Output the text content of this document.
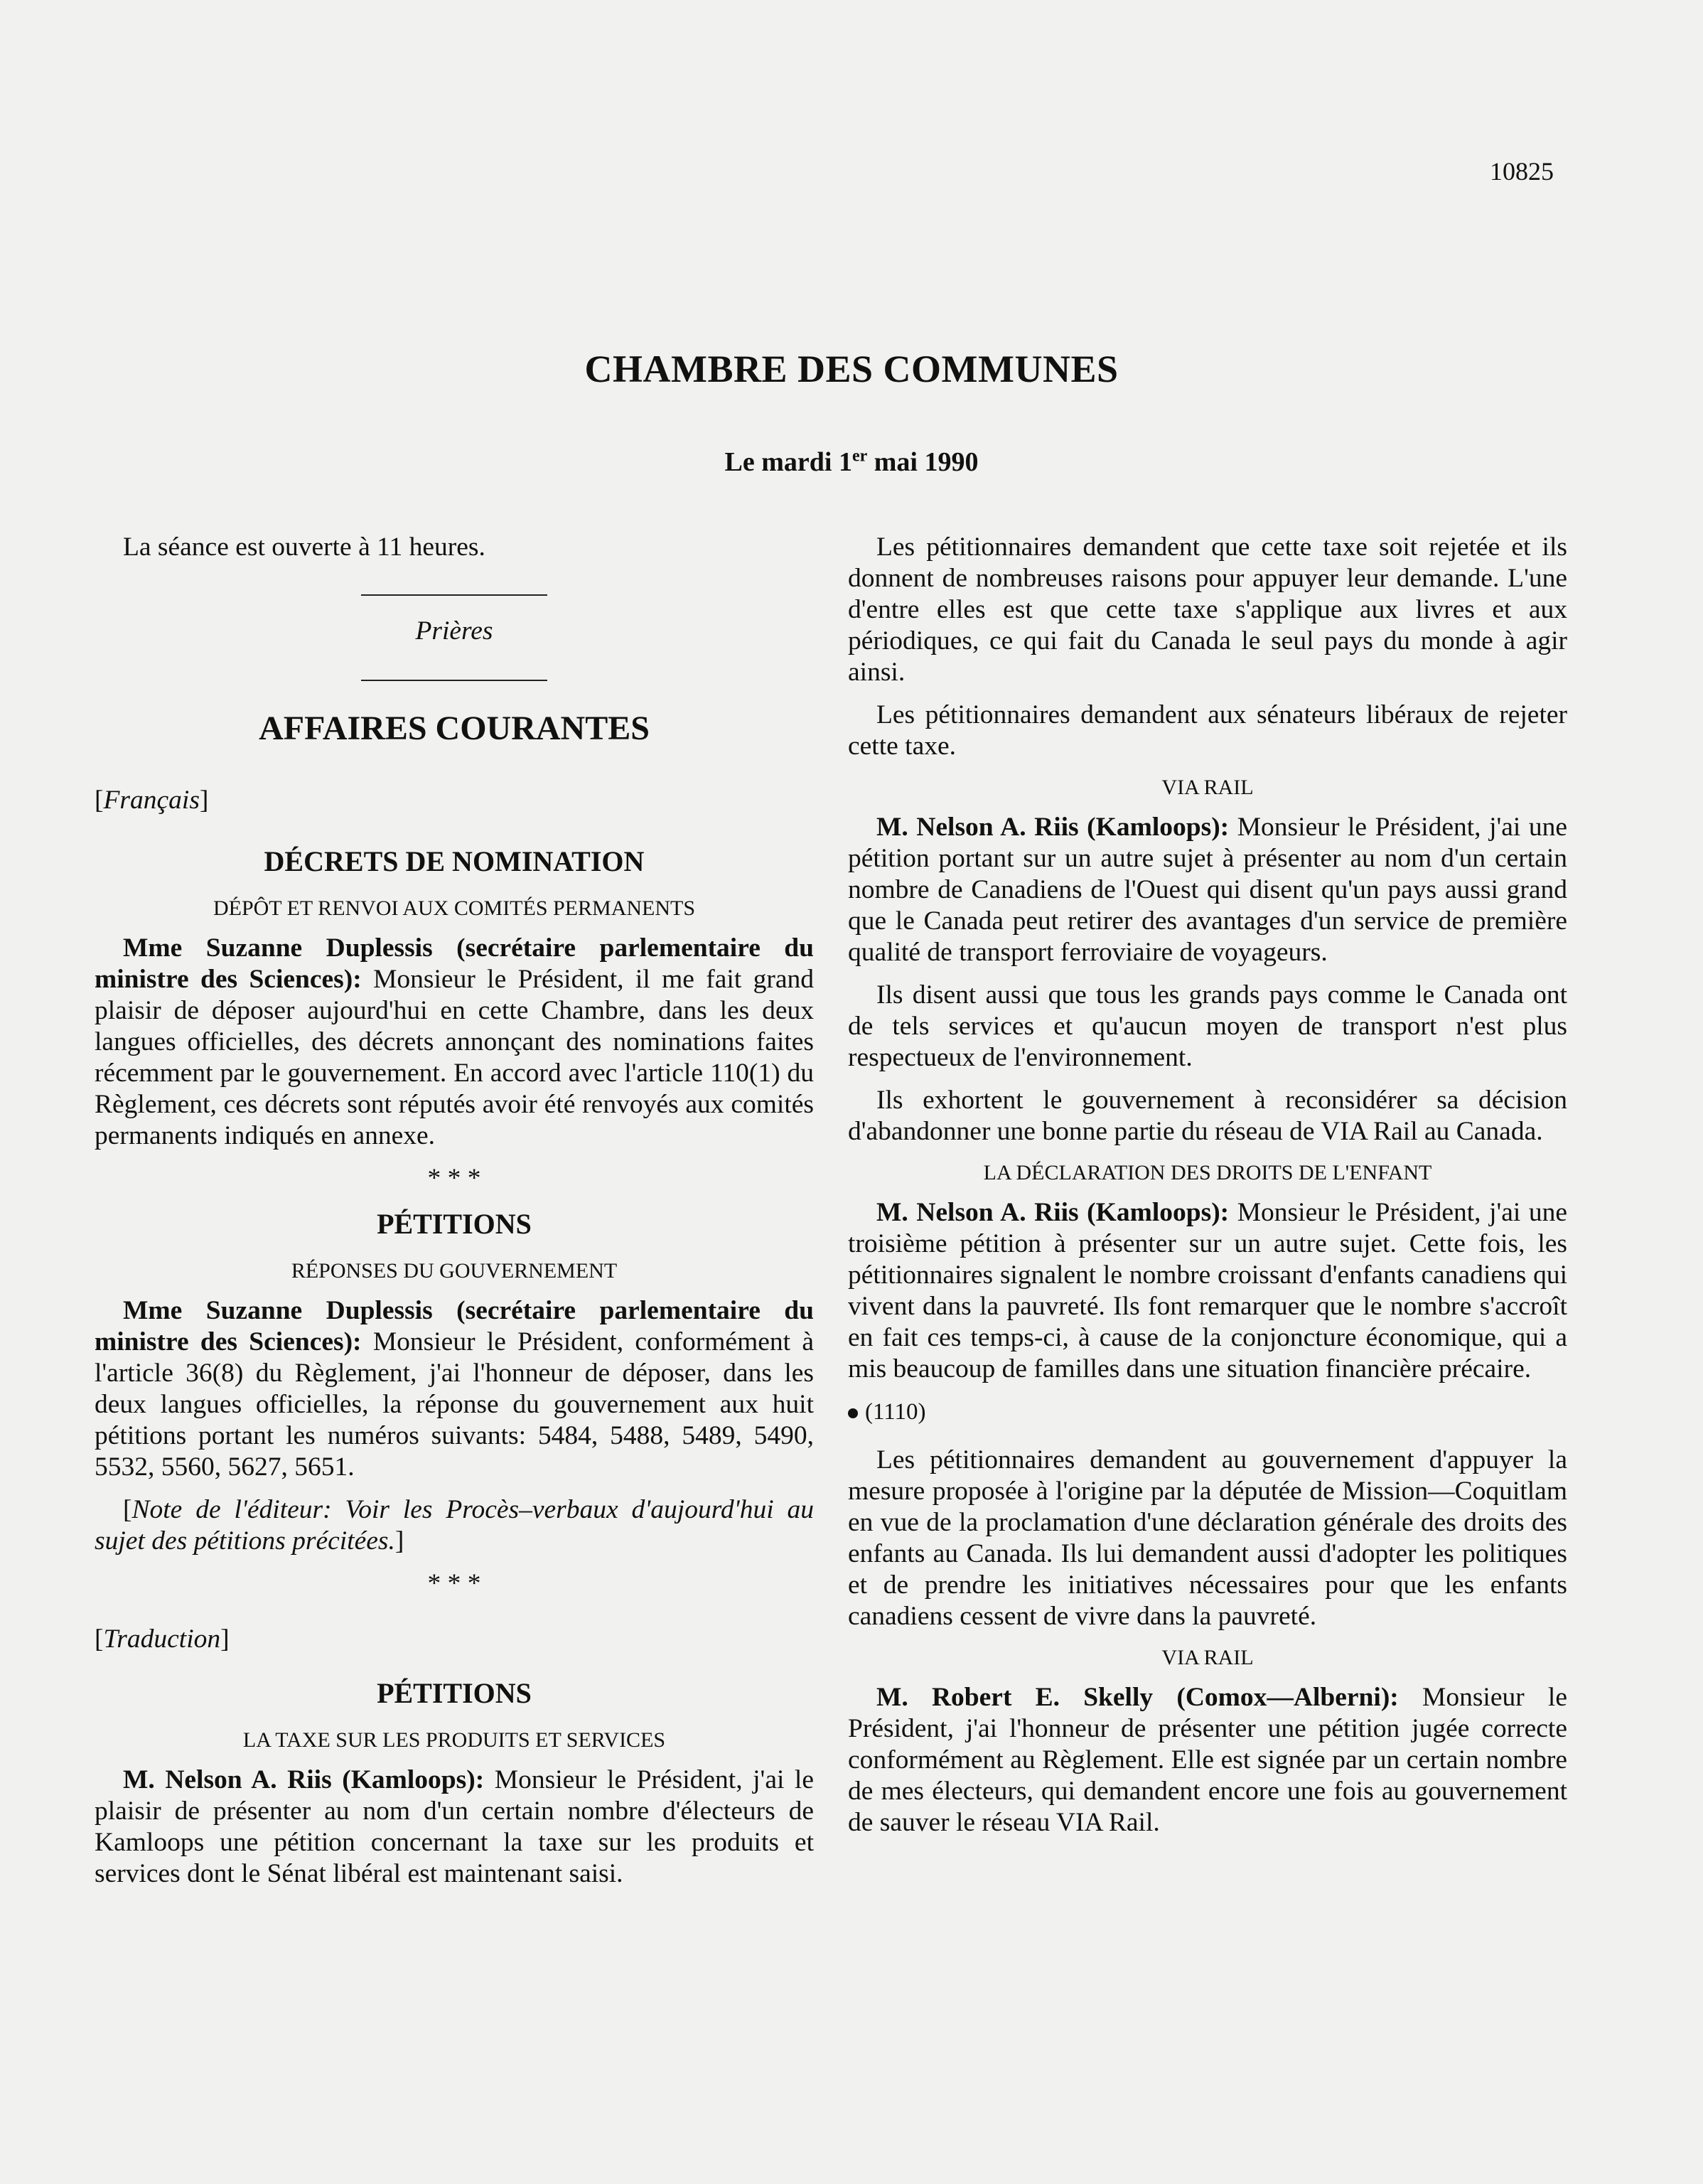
10825
CHAMBRE DES COMMUNES
Le mardi 1er mai 1990

La séance est ouverte à 11 heures.

Prières
AFFAIRES COURANTES
[Français]
DÉCRETS DE NOMINATION
DÉPÔT ET RENVOI AUX COMITÉS PERMANENTS

Mme Suzanne Duplessis (secrétaire parlementaire du ministre des Sciences): Monsieur le Président, il me fait grand plaisir de déposer aujourd'hui en cette Chambre, dans les deux langues officielles, des décrets annonçant des nominations faites récemment par le gouvernement. En accord avec l'article 110(1) du Règlement, ces décrets sont réputés avoir été renvoyés aux comités permanents indiqués en annexe.

* * *
PÉTITIONS
RÉPONSES DU GOUVERNEMENT

Mme Suzanne Duplessis (secrétaire parlementaire du ministre des Sciences): Monsieur le Président, conformément à l'article 36(8) du Règlement, j'ai l'honneur de déposer, dans les deux langues officielles, la réponse du gouvernement aux huit pétitions portant les numéros suivants: 5484, 5488, 5489, 5490, 5532, 5560, 5627, 5651.

[Note de l'éditeur: Voir les Procès–verbaux d'aujourd'hui au sujet des pétitions précitées.]

* * *
[Traduction]
PÉTITIONS
LA TAXE SUR LES PRODUITS ET SERVICES

M. Nelson A. Riis (Kamloops): Monsieur le Président, j'ai le plaisir de présenter au nom d'un certain nombre d'électeurs de Kamloops une pétition concernant la taxe sur les produits et services dont le Sénat libéral est maintenant saisi.

Les pétitionnaires demandent que cette taxe soit rejetée et ils donnent de nombreuses raisons pour appuyer leur demande. L'une d'entre elles est que cette taxe s'applique aux livres et aux périodiques, ce qui fait du Canada le seul pays du monde à agir ainsi.

Les pétitionnaires demandent aux sénateurs libéraux de rejeter cette taxe.

VIA RAIL

M. Nelson A. Riis (Kamloops): Monsieur le Président, j'ai une pétition portant sur un autre sujet à présenter au nom d'un certain nombre de Canadiens de l'Ouest qui disent qu'un pays aussi grand que le Canada peut retirer des avantages d'un service de première qualité de transport ferroviaire de voyageurs.

Ils disent aussi que tous les grands pays comme le Canada ont de tels services et qu'aucun moyen de transport n'est plus respectueux de l'environnement.

Ils exhortent le gouvernement à reconsidérer sa décision d'abandonner une bonne partie du réseau de VIA Rail au Canada.

LA DÉCLARATION DES DROITS DE L'ENFANT

M. Nelson A. Riis (Kamloops): Monsieur le Président, j'ai une troisième pétition à présenter sur un autre sujet. Cette fois, les pétitionnaires signalent le nombre croissant d'enfants canadiens qui vivent dans la pauvreté. Ils font remarquer que le nombre s'accroît en fait ces temps-ci, à cause de la conjoncture économique, qui a mis beaucoup de familles dans une situation financière précaire.

(1110)

Les pétitionnaires demandent au gouvernement d'appuyer la mesure proposée à l'origine par la députée de Mission—Coquitlam en vue de la proclamation d'une déclaration générale des droits des enfants au Canada. Ils lui demandent aussi d'adopter les politiques et de prendre les initiatives nécessaires pour que les enfants canadiens cessent de vivre dans la pauvreté.

VIA RAIL

M. Robert E. Skelly (Comox—Alberni): Monsieur le Président, j'ai l'honneur de présenter une pétition jugée correcte conformément au Règlement. Elle est signée par un certain nombre de mes électeurs, qui demandent encore une fois au gouvernement de sauver le réseau VIA Rail.
